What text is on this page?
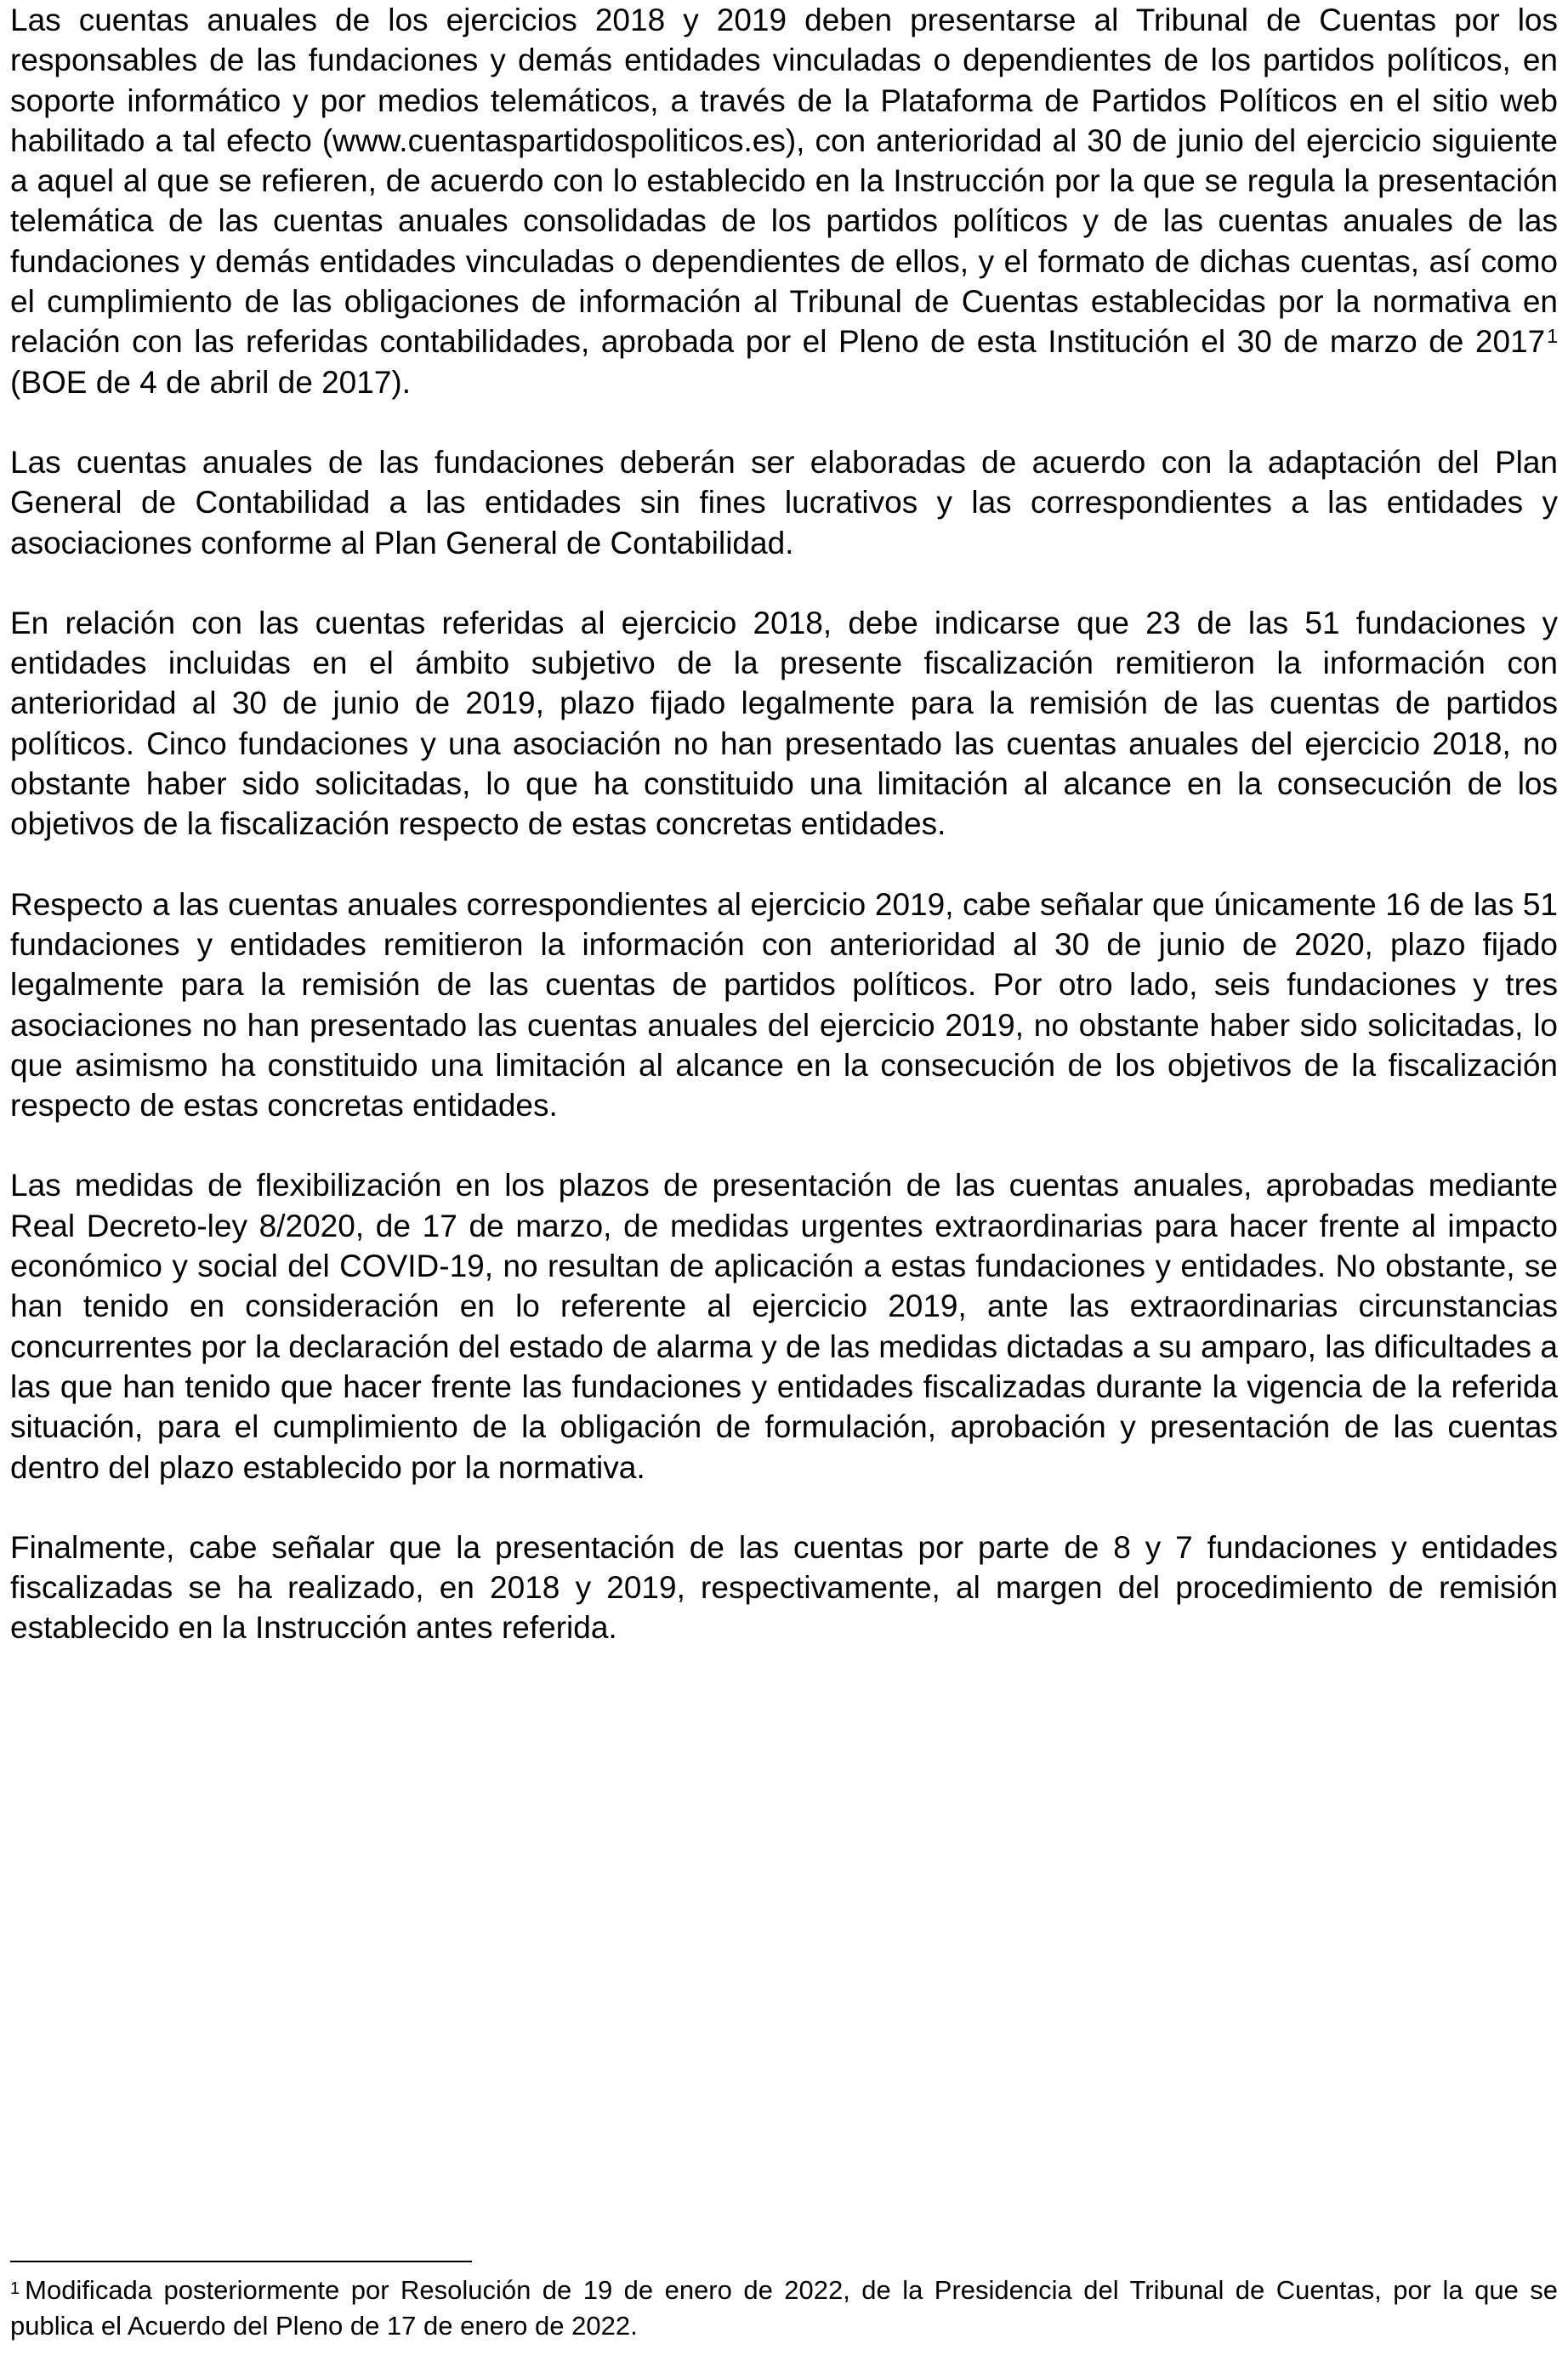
Las cuentas anuales de los ejercicios 2018 y 2019 deben presentarse al Tribunal de Cuentas por los responsables de las fundaciones y demás entidades vinculadas o dependientes de los partidos políticos, en soporte informático y por medios telemáticos, a través de la Plataforma de Partidos Políticos en el sitio web habilitado a tal efecto (www.cuentaspartidospoliticos.es), con anterioridad al 30 de junio del ejercicio siguiente a aquel al que se refieren, de acuerdo con lo establecido en la Instrucción por la que se regula la presentación telemática de las cuentas anuales consolidadas de los partidos políticos y de las cuentas anuales de las fundaciones y demás entidades vinculadas o dependientes de ellos, y el formato de dichas cuentas, así como el cumplimiento de las obligaciones de información al Tribunal de Cuentas establecidas por la normativa en relación con las referidas contabilidades, aprobada por el Pleno de esta Institución el 30 de marzo de 2017$^1$ (BOE de 4 de abril de 2017).

Las cuentas anuales de las fundaciones deberán ser elaboradas de acuerdo con la adaptación del Plan General de Contabilidad a las entidades sin fines lucrativos y las correspondientes a las entidades y asociaciones conforme al Plan General de Contabilidad.

En relación con las cuentas referidas al ejercicio 2018, debe indicarse que 23 de las 51 fundaciones y entidades incluidas en el ámbito subjetivo de la presente fiscalización remitieron la información con anterioridad al 30 de junio de 2019, plazo fijado legalmente para la remisión de las cuentas de partidos políticos. Cinco fundaciones y una asociación no han presentado las cuentas anuales del ejercicio 2018, no obstante haber sido solicitadas, lo que ha constituido una limitación al alcance en la consecución de los objetivos de la fiscalización respecto de estas concretas entidades.

Respecto a las cuentas anuales correspondientes al ejercicio 2019, cabe señalar que únicamente 16 de las 51 fundaciones y entidades remitieron la información con anterioridad al 30 de junio de 2020, plazo fijado legalmente para la remisión de las cuentas de partidos políticos. Por otro lado, seis fundaciones y tres asociaciones no han presentado las cuentas anuales del ejercicio 2019, no obstante haber sido solicitadas, lo que asimismo ha constituido una limitación al alcance en la consecución de los objetivos de la fiscalización respecto de estas concretas entidades.

Las medidas de flexibilización en los plazos de presentación de las cuentas anuales, aprobadas mediante Real Decreto-ley 8/2020, de 17 de marzo, de medidas urgentes extraordinarias para hacer frente al impacto económico y social del COVID-19, no resultan de aplicación a estas fundaciones y entidades. No obstante, se han tenido en consideración en lo referente al ejercicio 2019, ante las extraordinarias circunstancias concurrentes por la declaración del estado de alarma y de las medidas dictadas a su amparo, las dificultades a las que han tenido que hacer frente las fundaciones y entidades fiscalizadas durante la vigencia de la referida situación, para el cumplimiento de la obligación de formulación, aprobación y presentación de las cuentas dentro del plazo establecido por la normativa.

Finalmente, cabe señalar que la presentación de las cuentas por parte de 8 y 7 fundaciones y entidades fiscalizadas se ha realizado, en 2018 y 2019, respectivamente, al margen del procedimiento de remisión establecido en la Instrucción antes referida.

$^1$ Modificada posteriormente por Resolución de 19 de enero de 2022, de la Presidencia del Tribunal de Cuentas, por la que se publica el Acuerdo del Pleno de 17 de enero de 2022.
